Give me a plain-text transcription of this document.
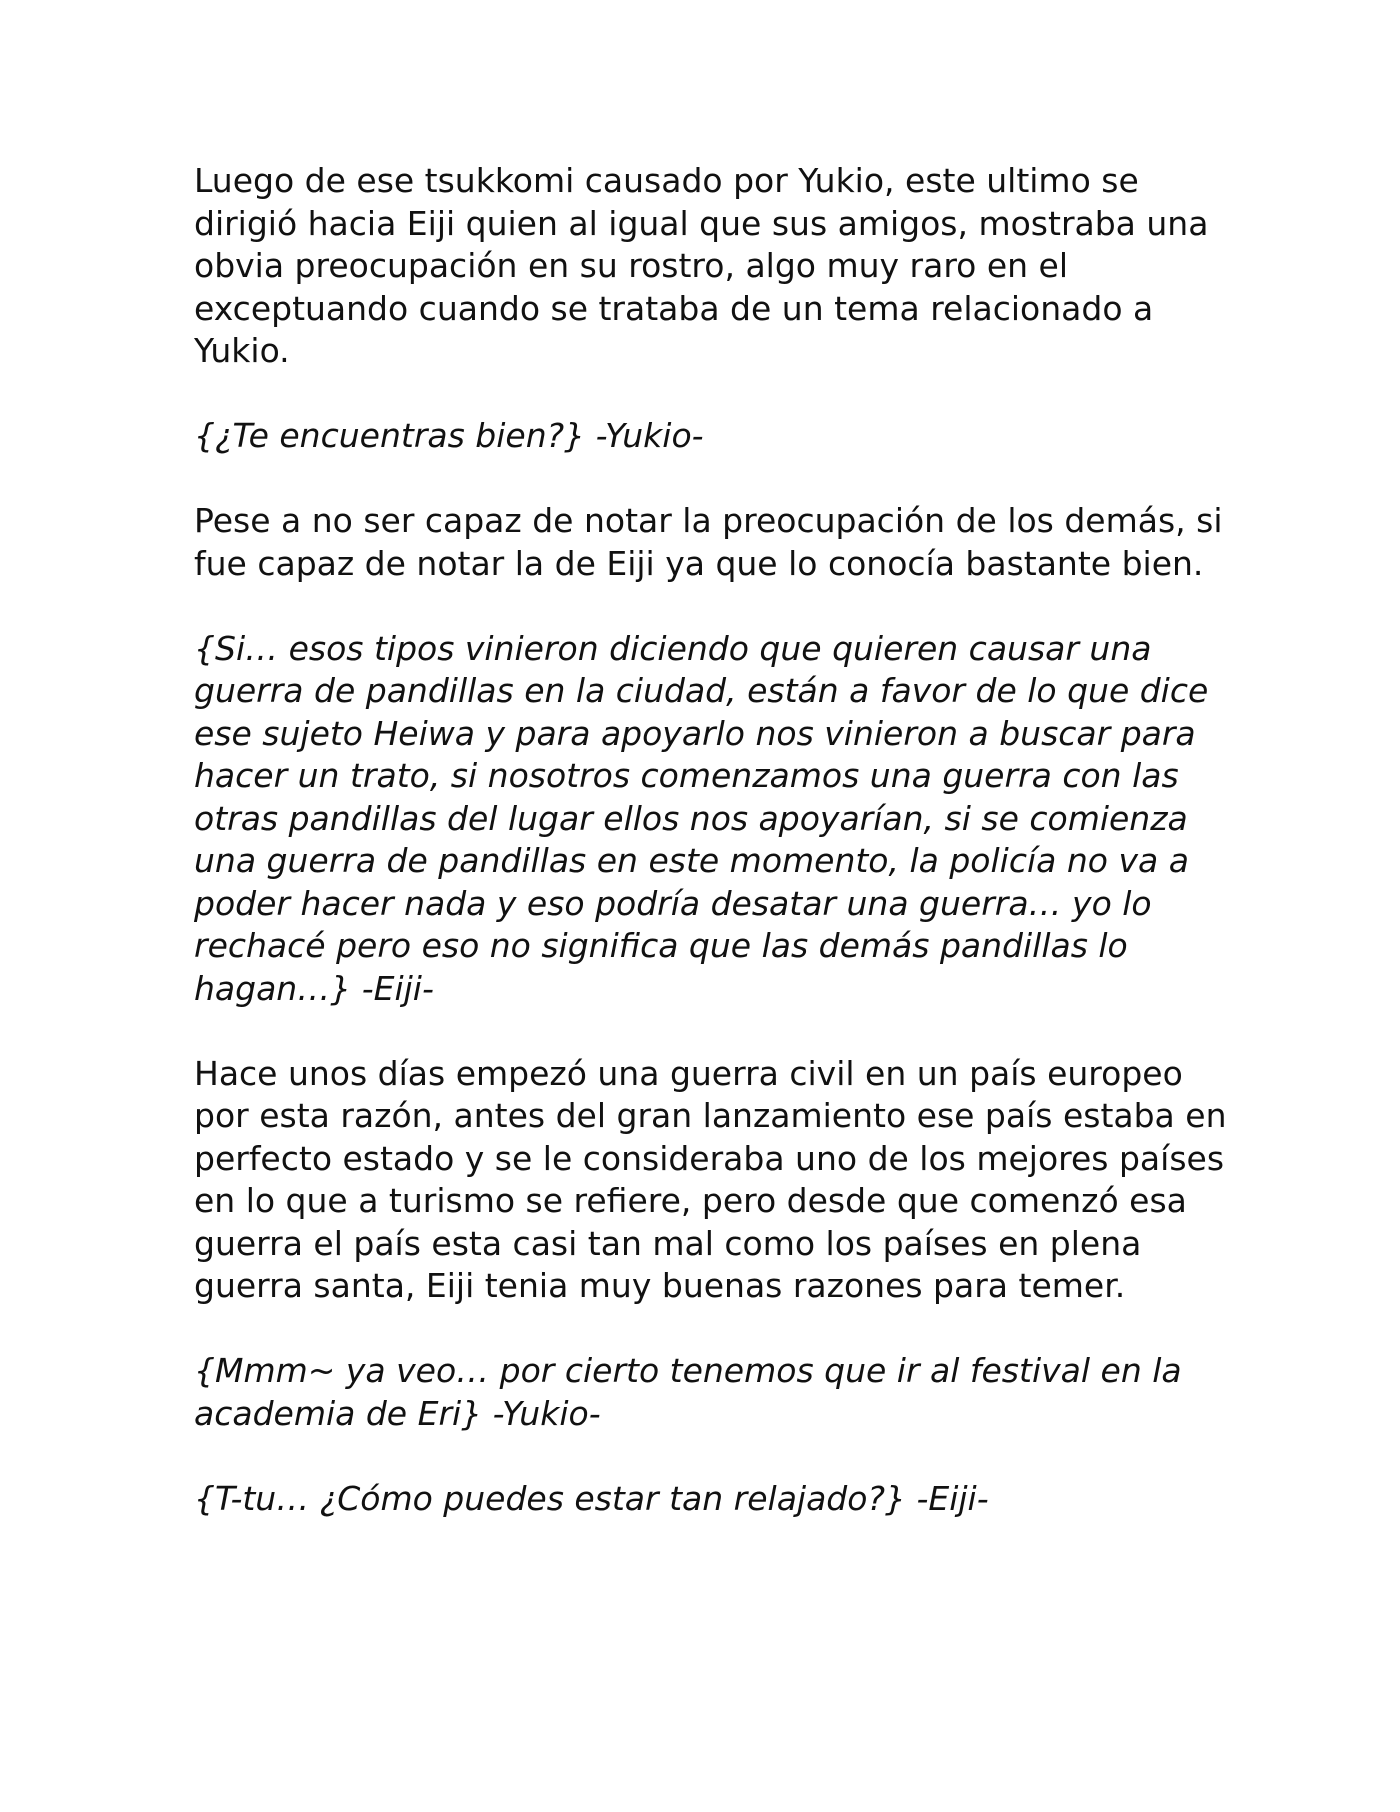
Luego de ese tsukkomi causado por Yukio, este ultimo se dirigió hacia Eiji quien al igual que sus amigos, mostraba una obvia preocupación en su rostro, algo muy raro en el exceptuando cuando se trataba de un tema relacionado a Yukio.

{¿Te encuentras bien?} -Yukio-

Pese a no ser capaz de notar la preocupación de los demás, si fue capaz de notar la de Eiji ya que lo conocía bastante bien.

{Si… esos tipos vinieron diciendo que quieren causar una guerra de pandillas en la ciudad, están a favor de lo que dice ese sujeto Heiwa y para apoyarlo nos vinieron a buscar para hacer un trato, si nosotros comenzamos una guerra con las otras pandillas del lugar ellos nos apoyarían, si se comienza una guerra de pandillas en este momento, la policía no va a poder hacer nada y eso podría desatar una guerra… yo lo rechacé pero eso no significa que las demás pandillas lo hagan…} -Eiji-

Hace unos días empezó una guerra civil en un país europeo por esta razón, antes del gran lanzamiento ese país estaba en perfecto estado y se le consideraba uno de los mejores países en lo que a turismo se refiere, pero desde que comenzó esa guerra el país esta casi tan mal como los países en plena guerra santa, Eiji tenia muy buenas razones para temer.

{Mmm~ ya veo… por cierto tenemos que ir al festival en la academia de Eri} -Yukio-

{T-tu… ¿Cómo puedes estar tan relajado?} -Eiji-
